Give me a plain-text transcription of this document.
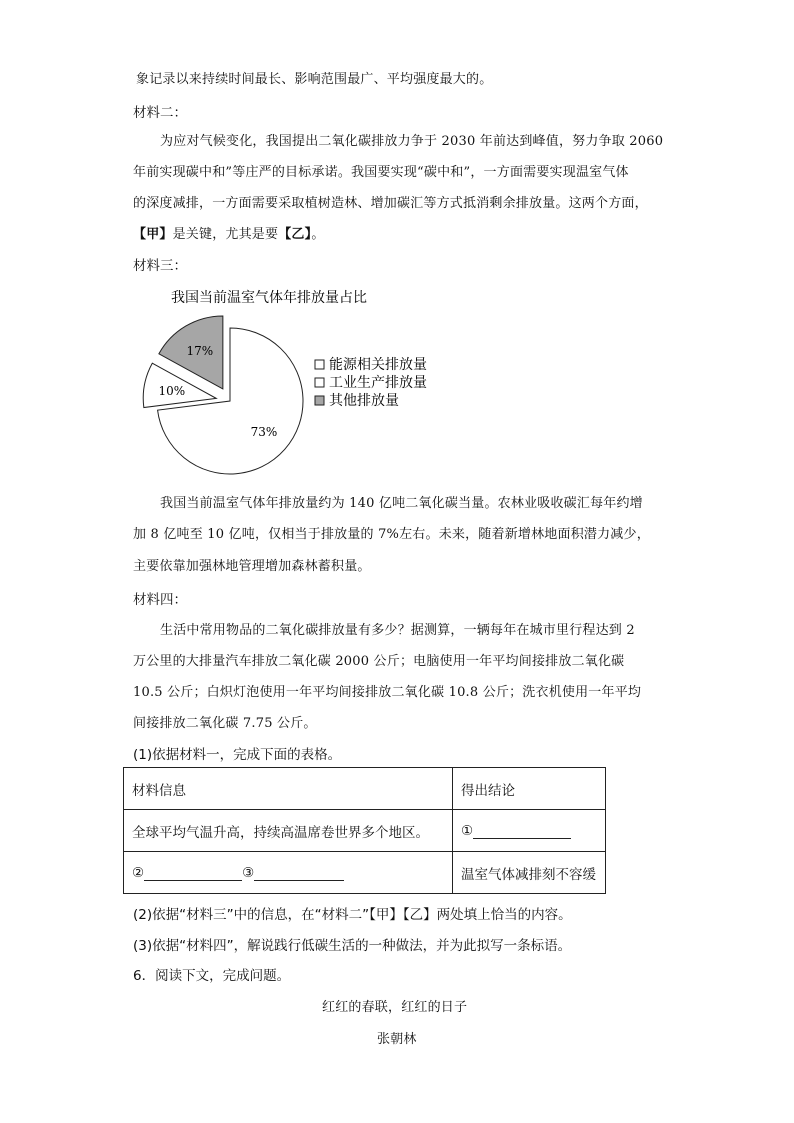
象记录以来持续时间最长、影响范围最广、平均强度最大的。

材料二：

为应对气候变化，我国提出二氧化碳排放力争于 2030 年前达到峰值，努力争取 2060

年前实现碳中和”等庄严的目标承诺。我国要实现“碳中和”，一方面需要实现温室气体

的深度减排，一方面需要采取植树造林、增加碳汇等方式抵消剩余排放量。这两个方面，

【甲】是关键，尤其是要【乙】。

材料三：

我国当前温室气体年排放量占比
73%
10%
17%
能源相关排放量
工业生产排放量
其他排放量

我国当前温室气体年排放量约为 140 亿吨二氧化碳当量。农林业吸收碳汇每年约增

加 8 亿吨至 10 亿吨，仅相当于排放量的 7%左右。未来，随着新增林地面积潜力减少，

主要依靠加强林地管理增加森林蓄积量。

材料四：

生活中常用物品的二氧化碳排放量有多少？据测算，一辆每年在城市里行程达到 2

万公里的大排量汽车排放二氧化碳 2000 公斤；电脑使用一年平均间接排放二氧化碳

10.5 公斤；白炽灯泡使用一年平均间接排放二氧化碳 10.8 公斤；洗衣机使用一年平均

间接排放二氧化碳 7.75 公斤。

(1)依据材料一，完成下面的表格。

材料信息	得出结论
全球平均气温升高，持续高温席卷世界多个地区。	①
② ③	温室气体减排刻不容缓

(2)依据“材料三”中的信息，在“材料二”【甲】【乙】两处填上恰当的内容。

(3)依据“材料四”，解说践行低碳生活的一种做法，并为此拟写一条标语。

6．阅读下文，完成问题。

红红的春联，红红的日子

张朝林
